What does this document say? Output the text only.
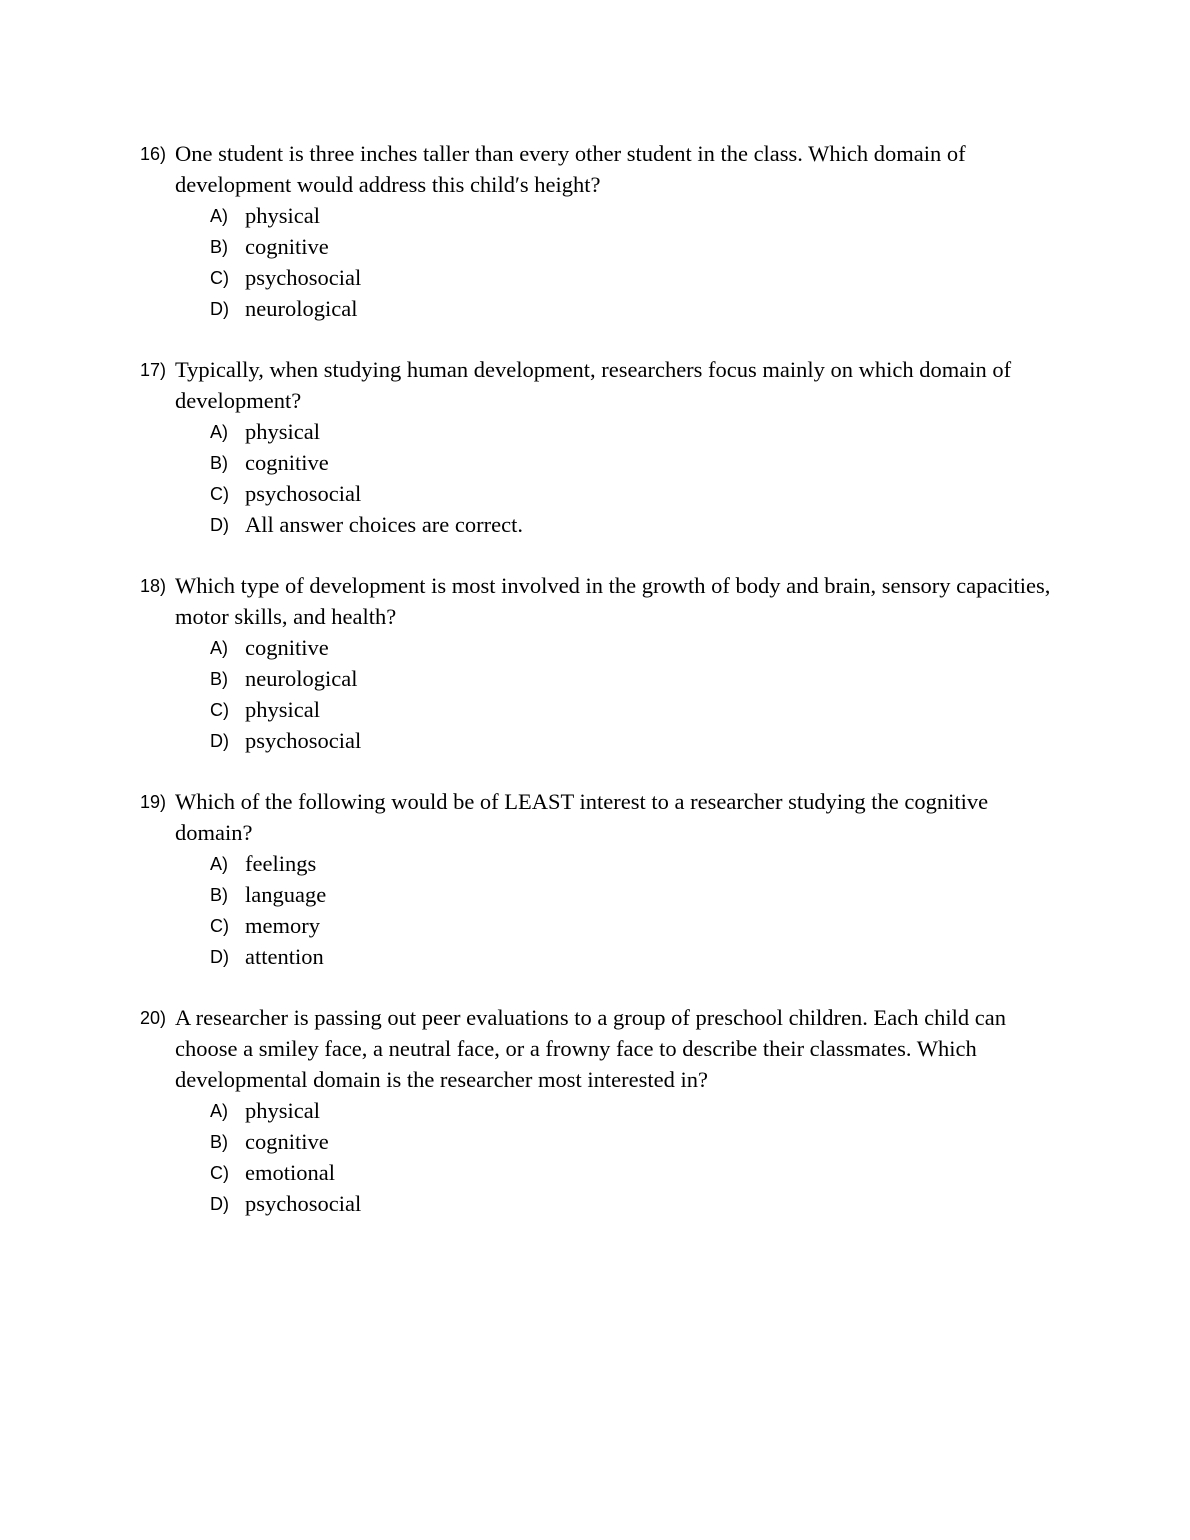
16) One student is three inches taller than every other student in the class. Which domain of development would address this child′s height?
A) physical
B) cognitive
C) psychosocial
D) neurological
17) Typically, when studying human development, researchers focus mainly on which domain of development?
A) physical
B) cognitive
C) psychosocial
D) All answer choices are correct.
18) Which type of development is most involved in the growth of body and brain, sensory capacities, motor skills, and health?
A) cognitive
B) neurological
C) physical
D) psychosocial
19) Which of the following would be of LEAST interest to a researcher studying the cognitive domain?
A) feelings
B) language
C) memory
D) attention
20) A researcher is passing out peer evaluations to a group of preschool children. Each child can choose a smiley face, a neutral face, or a frowny face to describe their classmates. Which developmental domain is the researcher most interested in?
A) physical
B) cognitive
C) emotional
D) psychosocial
